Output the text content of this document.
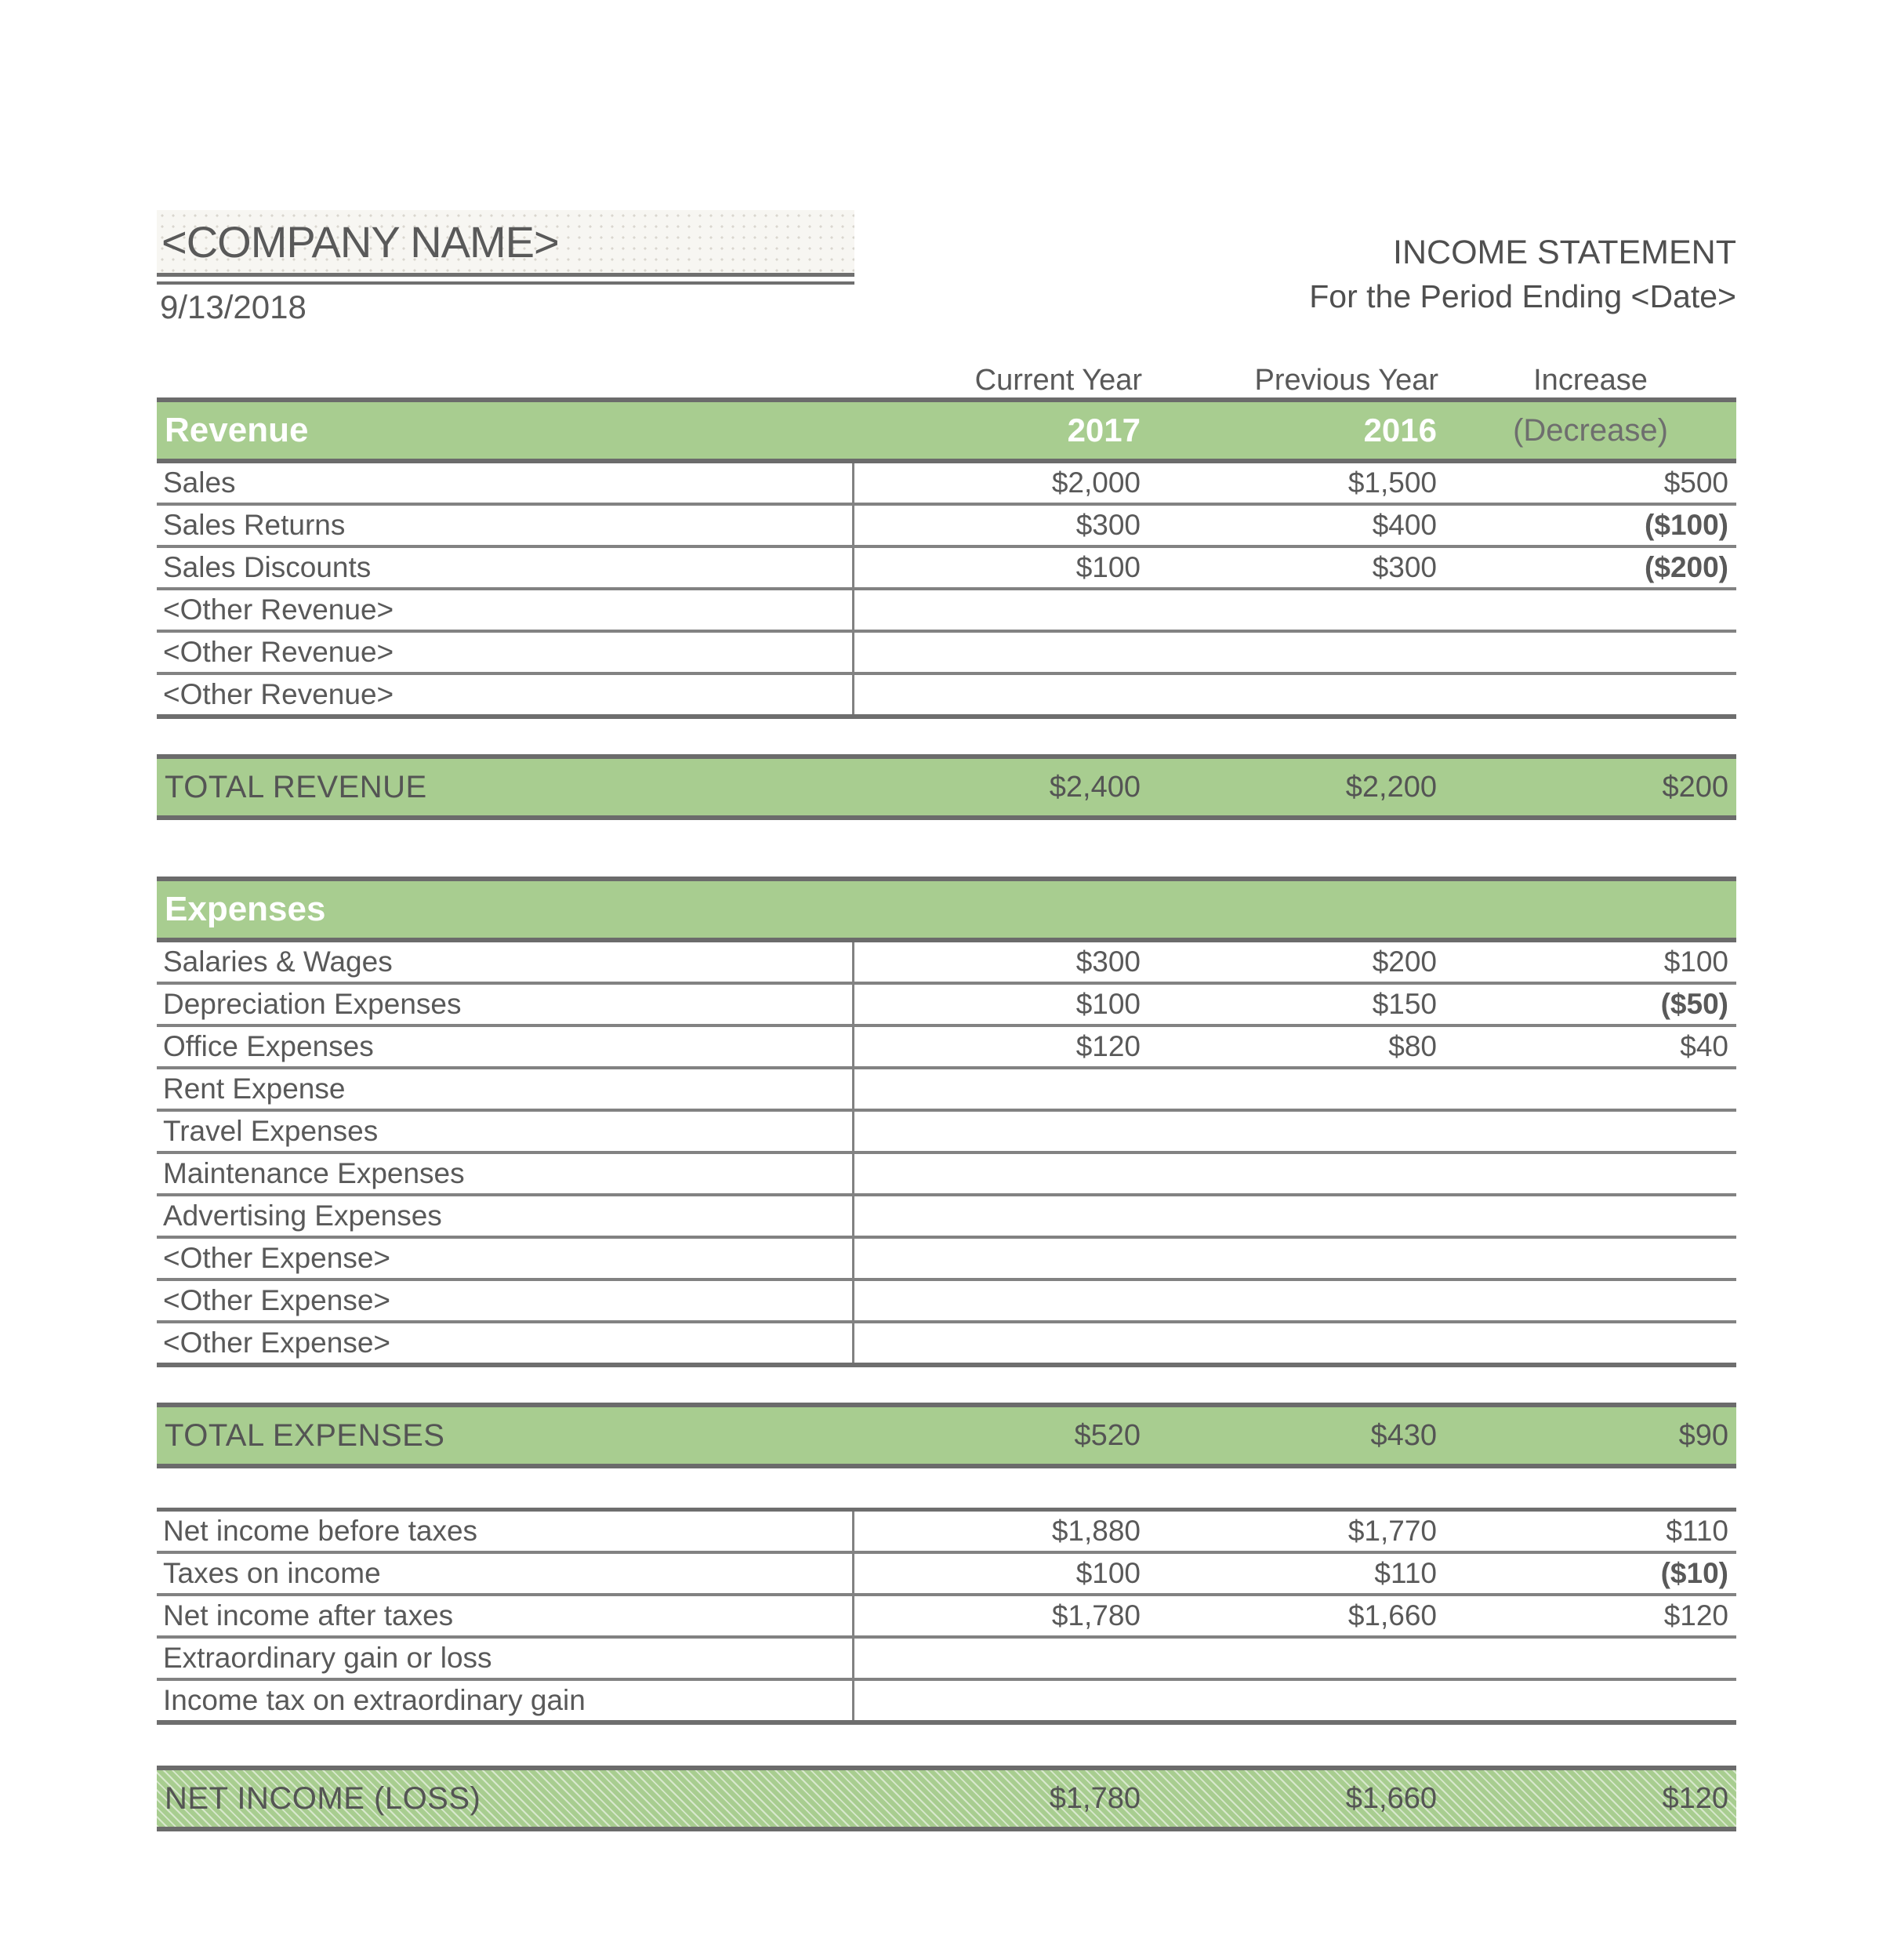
<COMPANY NAME>
9/13/2018
INCOME STATEMENT
For the Period Ending <Date>
Current Year	Previous Year	Increase
Revenue	2017	2016	(Decrease)
Sales	$2,000	$1,500	$500
Sales Returns	$300	$400	($100)
Sales Discounts	$100	$300	($200)
<Other Revenue>
<Other Revenue>
<Other Revenue>
TOTAL REVENUE	$2,400	$2,200	$200
Expenses
Salaries & Wages	$300	$200	$100
Depreciation Expenses	$100	$150	($50)
Office Expenses	$120	$80	$40
Rent Expense
Travel Expenses
Maintenance Expenses
Advertising Expenses
<Other Expense>
<Other Expense>
<Other Expense>
TOTAL EXPENSES	$520	$430	$90
Net income before taxes	$1,880	$1,770	$110
Taxes on income	$100	$110	($10)
Net income after taxes	$1,780	$1,660	$120
Extraordinary gain or loss
Income tax on extraordinary gain
NET INCOME (LOSS)	$1,780	$1,660	$120
